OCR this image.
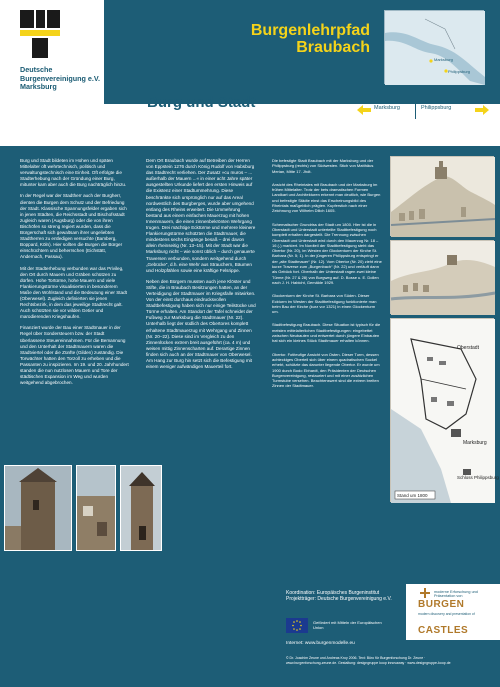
Deutsche
Burgenvereinigung e.V.
Marksburg
Burgenlehrpfad
Braubach
Marksburg
Philippsburg
Burg und Stadt	Marksburg	Philippsburg

Burg und Stadt bildeten im Hohen und späten Mittelalter oft wehrtechnisch, politisch und verwaltungstechnisch eine Einheit. Oft erfolgte die Stadterhebung nach der Gründung einer Burg, mitunter kam aber auch die Burg nachträglich hinzu.

In der Regel war der Stadtherr auch der Burgherr, dienten die Burgen dem Schutz und der Befriedung der Stadt. Klassische Spannungsfelder ergaben sich in jenen Städten, die Reichsstadt und Bischofsstadt zugleich waren (Augsburg) oder die von ihren Bischöfen so streng regiert wurden, dass die Bürgerschaft sich gewaltsam ihrer ungeliebten Stadtherren zu entledigen versuchte (Bamberg, Boppard, Köln). Hier sollten die Burgen die Bürger einschüchtern und beherrschen (Eichstätt, Andernach, Passau).

Mit der Stadterhebung verbunden war das Privileg, den Ort durch Mauern und Gräben schützen zu dürfen. Hohe Tortürme, hohe Mauern und viele Flankierungstürme visualisierten in besonderem Maße den Wohlstand und die Bedeutung einer Stadt (Oberwesel). Zugleich definierten sie jenen Rechtsbezirk, in dem das jeweilige Stadtrecht galt. Auch schützten sie vor wilden Getier und marodierenden Kriegshaufen.

Finanziert wurde der Bau einer Stadtmauer in der Regel über Sondersteuern bzw. der Stadt überlassene Steuereinnahmen. Für die Bemannung und den Unterhalt der Stadtmauern waren die Stadtviertel oder die Zünfte (Gilden) zuständig. Die Torwächter hatten den Torzoll zu erheben und die Passanten zu inspizieren. Im 19. und 20. Jahrhundert standen die nun nutzlosen Mauern und Tore der städtischen Expansion im Weg und wurden weitgehend abgebrochen.

Dem Ort Braubach wurde auf Betreiben der Herren von Eppstein 1276 durch König Rudolf von Habsburg das Stadtrecht verliehen. Der Zusatz »cu muros – ... außerhalb der Mauern ...« in einer acht Jahre später ausgestellten Urkunde liefert den ersten Hinweis auf die Existenz einer Stadtummehrung. Diese beschränkte sich ursprünglich nur auf das Areal nordwestlich des Burgberges, wurde aber umgehend entlang des Rheins erweitert. Die Ummehrung bestand aus einem einfachen Mauerzug mit hohen Innenmauern, die einen zinnenbekrönten Wehrgang trugen. Drei mächtige Ecktürme und mehrere kleinere Flankierungstürme schützten die Stadtmauer, die mindestens sechs Eingänge besaß – drei davon allein rheinseitig (Nr. 13–15). Mit der Stadt war die Marksburg nicht – wie sonst üblich – durch genauerte Traversen verbunden, sondern weitgehend durch „Gebücke“, d.h. eine Wehr aus Strauchern, Bäumen und Holzpfählen sowie eine kräftige Felsrippe.

Neben den Bürgern mussten auch jene Klöster und Stifte, die in Braubach Besitzungen hatten, an der Verteidigung der Stadtmauer im Kriegsfalle mitwirken. Von der einst durchaus eindrucksvollen Stadtbefestigung haben sich nur einige Teilstücke und Türme erhalten. Am Standort der Tafel schneidet der Fußweg zur Marksburg die Stadtmauer (Nr. 22). Unterhalb liegt der südlich des Obertores komplett erhaltene Stadtmauerzug mit Wehrgang und Zinnen (Nr. 20–22). Diese sind im Vergleich zu den Zinnenlücken extrem breit ausgeführt (ca. 4 m) und weisen mittig Zinnenscharten auf. Derartige Zinnen finden sich auch an der Stadtmauer von Oberwesel. Am Hang zur Burg hin setzt sich die Befestigung mit einem weniger aufwändigen Mauerteil fort.

Die befestigte Stadt Braubach mit der Marksburg und der Philippsburg (rechts) von Südwesten. Stich von Matthäus Merian, Mitte 17. Jhdt.

Ansicht des Rheintales mit Braubach und der Marksburg im frühen Mittelalter. Trotz der bets dramatischen Formen Landkart und Architekturen erkennt man deutlich, wie Burgen und befestigte Städte einst das Erscheinungsbild des Rheintals maßgeblich prägten. Kupferstich nach einer Zeichnung von Wilhelm Dilich 1605.

Schematischer Grundriss der Stadt um 1800. Hier ist die in Oberstadt und Unterstadt unterteilte Stadtbefestigung noch komplett erhalten dargestellt. Die Trennung zwischen Oberstadt und Unterstadt wird durch den Mauerzug Nr. 18 – 16 (-) markiert. Im Nordteil der Stadtbefestigung steht das Obertor (Nr. 20), im Westen der Glockenturm der Kirche St. Barbara (Nr. 5; 1). In der jüngeren Philippsburg entspringt er der „alte Stadtmauer“ (Nr. 12). Vom Obertor (Nr. 20) zieht eine kurze Traverse zum „Burgenbach“ (Nr. 22) und verläuft dann als Gebück fort. Oberhalb der Unterstadt ragen zwei kleine Türme (Nr. 27 & 28) von Burgweg auf. D. Bosse u. E. Dollen nach J. H. Habicht, Gemälde 1929.

Glockenturm der Kirche St. Barbara von Süden. Dieser Eckturm im Westen der Stadtbefestigung funktionierte man beim Bau der Kirche (kurz vor 1321) in einen Glockenturm um.

Stadtbefestigung Braubach. Diese Situation ist typisch für die meisten mittelalterlichen Stadtbefestigungen: eingebettet zwischen Neubauten und entwertet durch jüngere Einbauten hat sich ein kleines Stück Stadtmauer erhalten können.

Obertor. Fotiteufige Ansicht von Osten. Dieser Turm, dessen achteckiges Oberteil sich über einem quadratischen Sockel erhebt, schützte das darunter liegende Obertor. Er wurde um 1900 durch Bodo Ebhardt, den Präsidenten der Deutschen Burgenvereinigung, restauriert und mit einer zusätzlichen Turmstube versehen. Beachtenswert sind die extrem breiten Zinnen der Stadtmauer.

Oberstadt
Marksburg
Schloss Philippsburg
Stand um 1800
Koordination: Europäisches Burgeninstitut
Projektträger: Deutsche Burgenvereinigung e.V.
Gefördert mit Mitteln der Europäischen Union
Internet: www.burgenmodelle.eu
© Dr. Joachim Zeune und Andreas Kroy 2006. Text: Büro für Burgenforschung Dr. Zeune · www.burgenforschung-zeune.de. Gestaltung: designgruppe koop innovaway · www.designgruppe-koop.de
moderne Erforschung und Präsentation von
BURGEN
modern discovery and presentation of
CASTLES
